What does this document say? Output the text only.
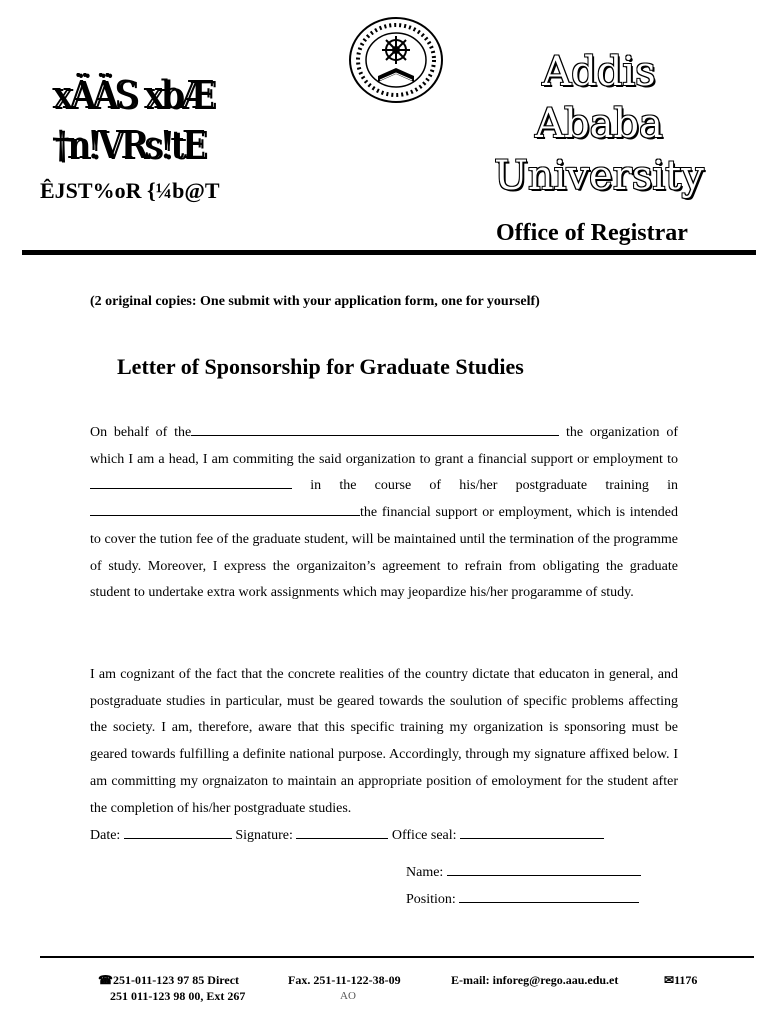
xÄÄS xbÆ
†n!VRs!tE
ÊJST%oR {¼b@T
Addis
Ababa
University
Office of Registrar
(2 original copies: One submit with your application form, one for yourself)
Letter of Sponsorship for Graduate Studies
On behalf of the	the organization of which I am a head, I am commiting the said organization to grant a financial support or employment to  in the course of his/her postgraduate training in the financial support or employment, which is intended to cover the tution fee of the graduate student, will be maintained until the termination of the programme of study. Moreover, I express the organizaiton’s agreement to refrain from obligating the graduate student to undertake extra work assignments which may jeopardize his/her progaramme of study.
I am cognizant of the fact that the concrete realities of the country dictate that educaton in general, and postgraduate studies in particular, must be geared towards the soulution of specific problems affecting the society. I am, therefore, aware that this specific training my organization is sponsoring must be geared towards fulfilling a definite national purpose. Accordingly, through my signature affixed below. I am committing my orgnaizaton to maintain an appropriate position of emoloyment for the student after the completion of his/her postgraduate studies.
Date:	Signature:	Office seal:
Name:
Position:
☎251-011-123 97 85 Direct
251 011-123 98 00, Ext 267
Fax. 251-11-122-38-09	E-mail: inforeg@rego.aau.edu.et	✉1176
AO
